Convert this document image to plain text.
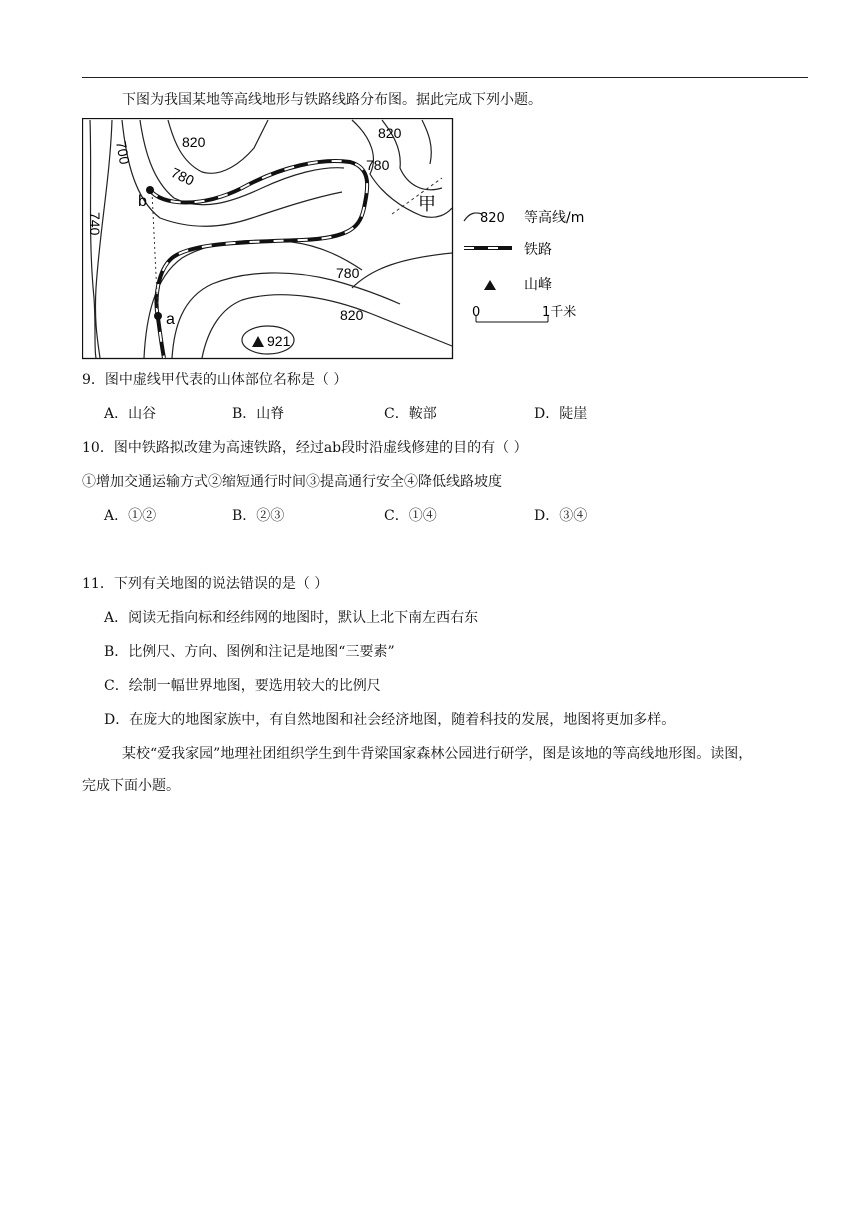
下图为我国某地等高线地形与铁路线路分布图。据此完成下列小题。
820
780
700
740
820
780
780
820
921
b
a
甲
820 等高线/m
铁路
山峰
0	1千米
9．图中虚线甲代表的山体部位名称是（ ）
A．山谷	B．山脊	C．鞍部	D．陡崖
10．图中铁路拟改建为高速铁路，经过ab段时沿虚线修建的目的有（ ）
①增加交通运输方式②缩短通行时间③提高通行安全④降低线路坡度
A．①②	B．②③	C．①④	D．③④
11．下列有关地图的说法错误的是（ ）
A．阅读无指向标和经纬网的地图时，默认上北下南左西右东
B．比例尺、方向、图例和注记是地图“三要素”
C．绘制一幅世界地图，要选用较大的比例尺
D．在庞大的地图家族中，有自然地图和社会经济地图，随着科技的发展，地图将更加多样。
某校“爱我家园”地理社团组织学生到牛背梁国家森林公园进行研学，图是该地的等高线地形图。读图，
完成下面小题。
